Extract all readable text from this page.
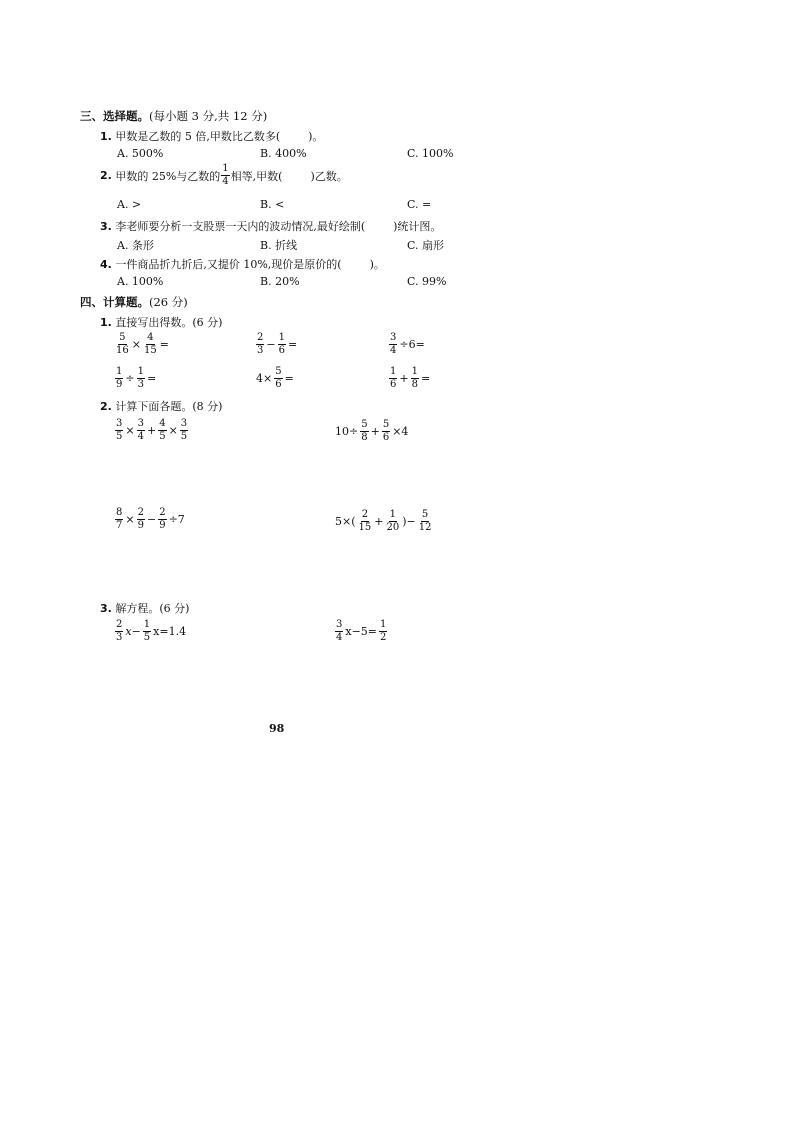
三、选择题。(每小题 3 分,共 12 分)
1. 甲数是乙数的 5 倍,甲数比乙数多(	)。
A. 500%	B. 400%	C. 100%
2.
甲数的 25%与乙数的 $\frac{1}{4}$ 相等,甲数(	)乙数。
A. >	B. <	C. =
3. 李老师要分析一支股票一天内的波动情况,最好绘制(	)统计图。
A. 条形	B. 折线	C. 扇形
4. 一件商品折九折后,又提价 10%,现价是原价的(	)。
A. 100%	B. 20%	C. 99%
四、计算题。(26 分)
1. 直接写出得数。(6 分)
$\frac{5}{16} \times \frac{4}{15}$ =	$\frac{2}{3} - \frac{1}{6}$ =	$\frac{3}{4} \div 6=$
$\frac{1}{9} \div \frac{1}{3}$ =	$4\times \frac{5}{6}$ =	$\frac{1}{6} + \frac{1}{8}$ =
2. 计算下面各题。(8 分)
$\frac{3}{5} \times \frac{3}{4} + \frac{4}{5} \times \frac{3}{5}$	$10\div \frac{5}{8} + \frac{5}{6} \times 4$
$\frac{8}{7} \times \frac{2}{9} - \frac{2}{9} \div 7$	$5\times( \frac{2}{15} + \frac{1}{20}$ )− $\frac{5}{12}$
3. 解方程。(6 分)
$\frac{2}{3} x- \frac{1}{5} x=1.4$	$\frac{3}{4} x-5= \frac{1}{2}$
98
